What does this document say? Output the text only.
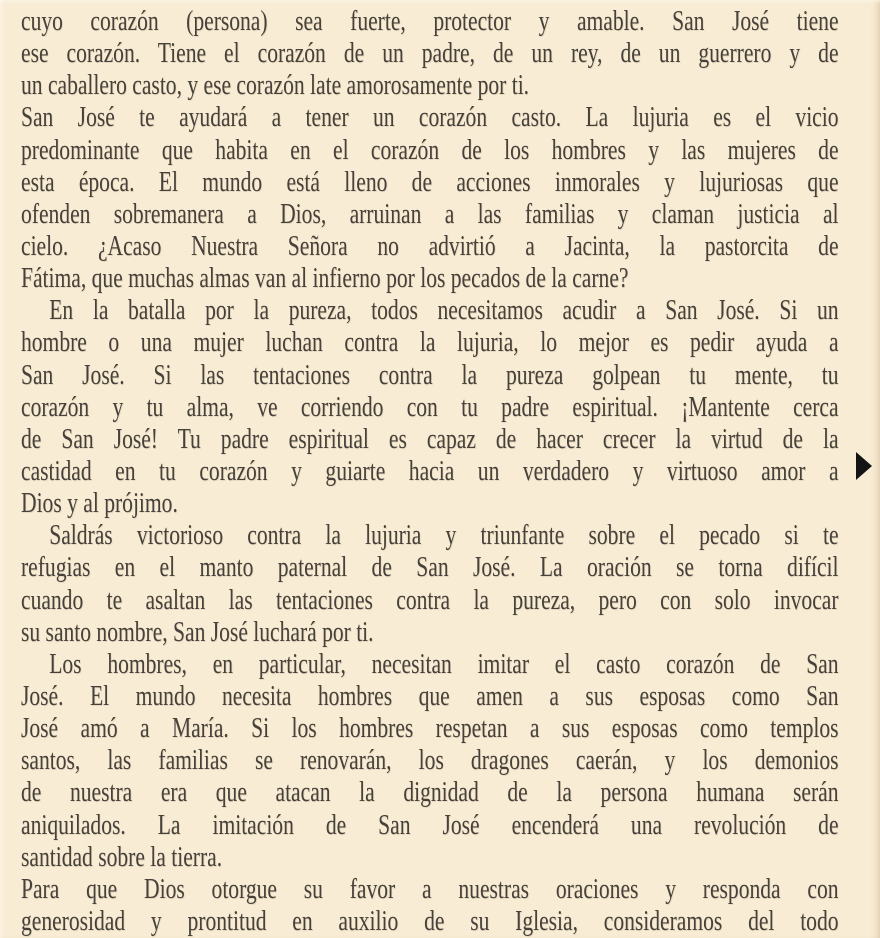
cuyo corazón (persona) sea fuerte, protector y amable. San José tiene
ese corazón. Tiene el corazón de un padre, de un rey, de un guerrero y de
un caballero casto, y ese corazón late amorosamente por ti.
San José te ayudará a tener un corazón casto. La lujuria es el vicio
predominante que habita en el corazón de los hombres y las mujeres de
esta época. El mundo está lleno de acciones inmorales y lujuriosas que
ofenden sobremanera a Dios, arruinan a las familias y claman justicia al
cielo. ¿Acaso Nuestra Señora no advirtió a Jacinta, la pastorcita de
Fátima, que muchas almas van al infierno por los pecados de la carne?
En la batalla por la pureza, todos necesitamos acudir a San José. Si un
hombre o una mujer luchan contra la lujuria, lo mejor es pedir ayuda a
San José. Si las tentaciones contra la pureza golpean tu mente, tu
corazón y tu alma, ve corriendo con tu padre espiritual. ¡Mantente cerca
de San José! Tu padre espiritual es capaz de hacer crecer la virtud de la
castidad en tu corazón y guiarte hacia un verdadero y virtuoso amor a
Dios y al prójimo.
Saldrás victorioso contra la lujuria y triunfante sobre el pecado si te
refugias en el manto paternal de San José. La oración se torna difícil
cuando te asaltan las tentaciones contra la pureza, pero con solo invocar
su santo nombre, San José luchará por ti.
Los hombres, en particular, necesitan imitar el casto corazón de San
José. El mundo necesita hombres que amen a sus esposas como San
José amó a María. Si los hombres respetan a sus esposas como templos
santos, las familias se renovarán, los dragones caerán, y los demonios
de nuestra era que atacan la dignidad de la persona humana serán
aniquilados. La imitación de San José encenderá una revolución de
santidad sobre la tierra.
Para que Dios otorgue su favor a nuestras oraciones y responda con
generosidad y prontitud en auxilio de su Iglesia, consideramos del todo
